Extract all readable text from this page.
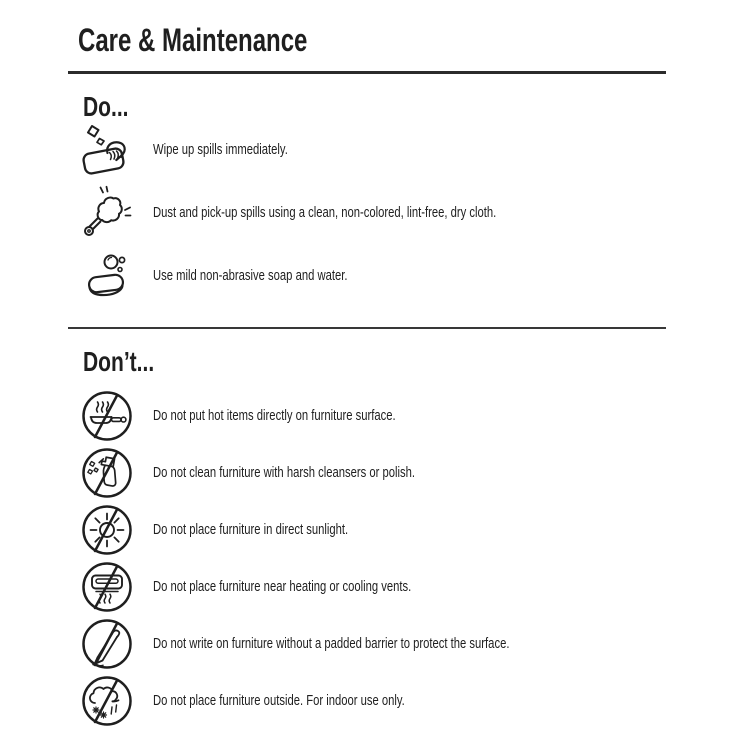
Care & Maintenance
Do...
Wipe up spills immediately.
Dust and pick-up spills using a clean, non-colored, lint-free, dry cloth.
Use mild non-abrasive soap and water.
Don’t...
Do not put hot items directly on furniture surface.
Do not clean furniture with harsh cleansers or polish.
Do not place furniture in direct sunlight.
Do not place furniture near heating or cooling vents.
Do not write on furniture without a padded barrier to protect the surface.
Do not place furniture outside. For indoor use only.
